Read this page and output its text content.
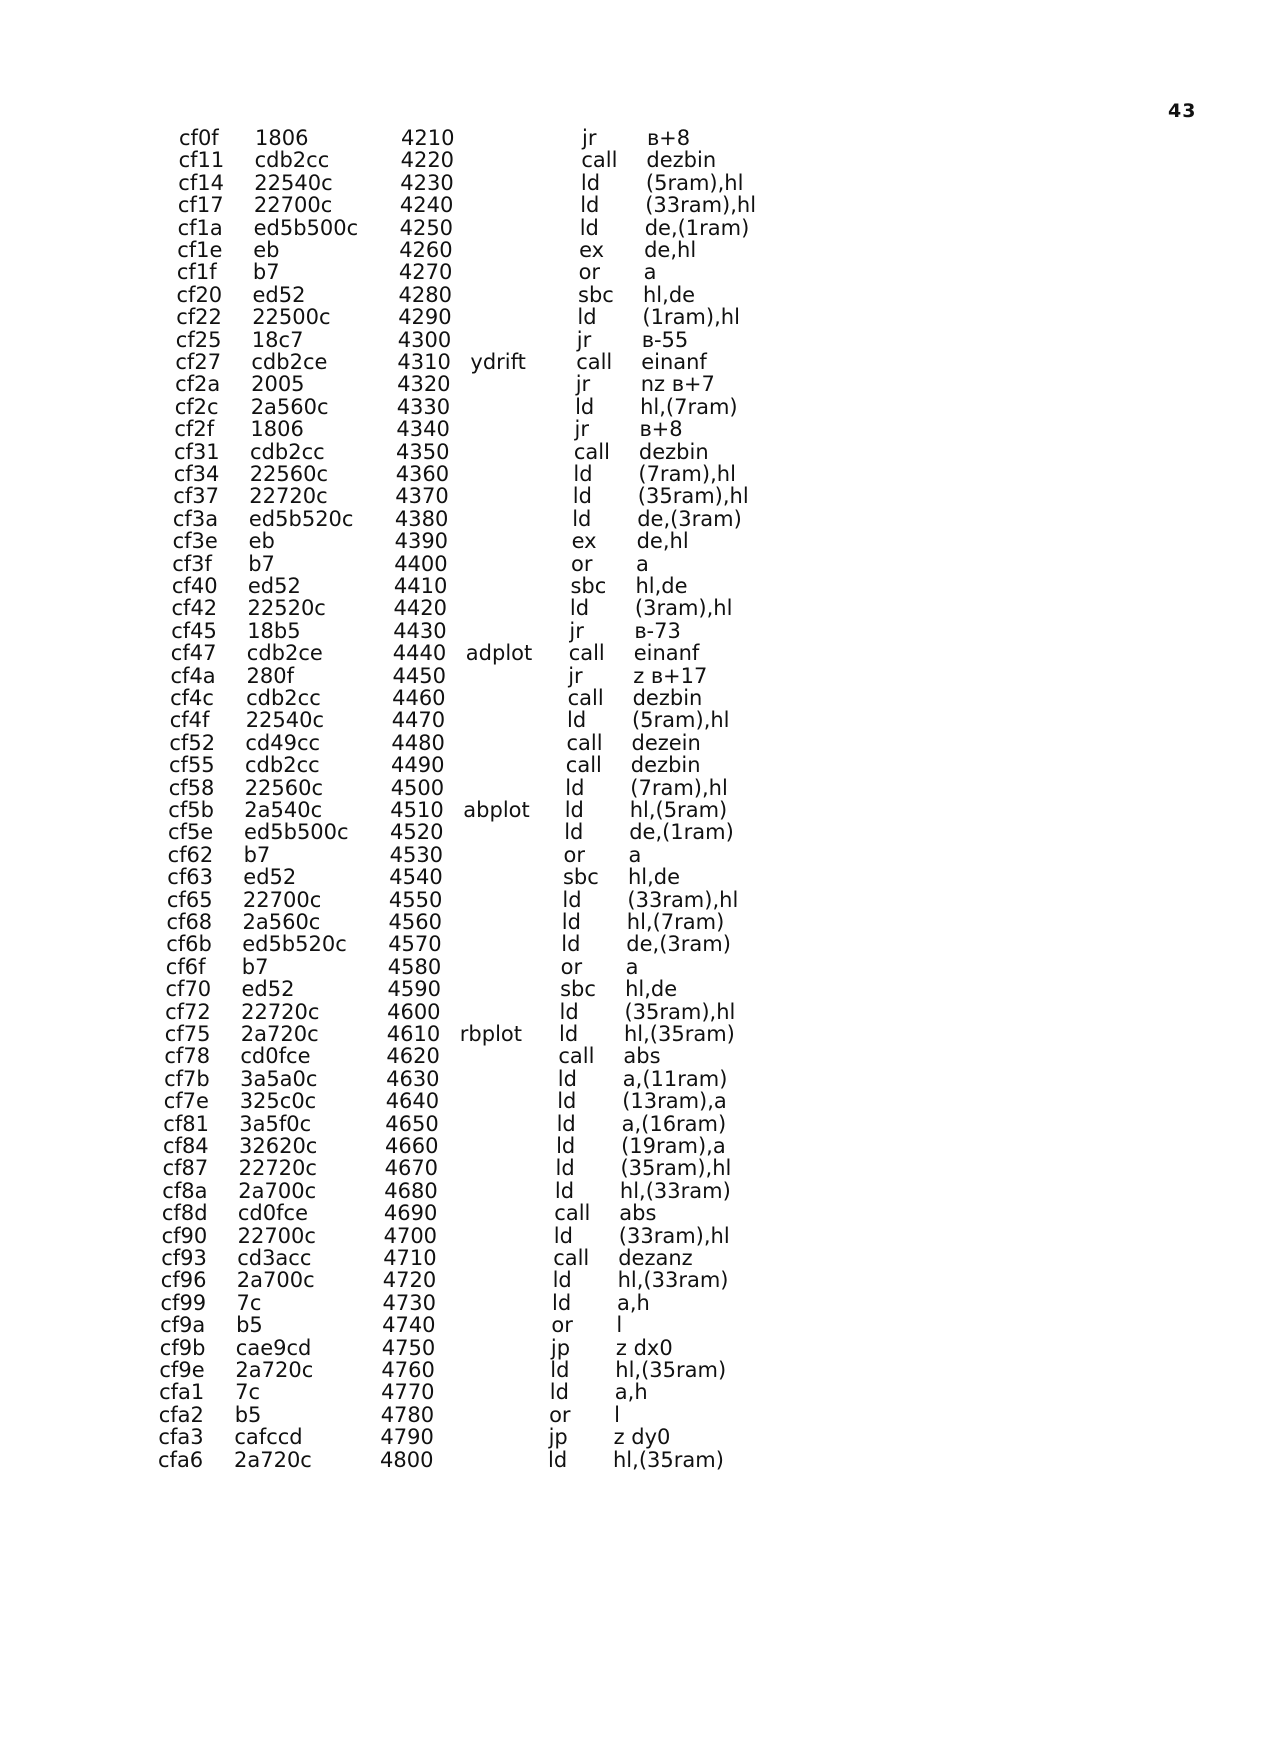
43
cf0f 1806	4210	jr ʙ+8
cf11 cdb2cc	4220	call dezbin
cf14 22540c	4230	ld (5ram),hl
cf17 22700c	4240	ld (33ram),hl
cf1a ed5b500c 4250	ld de,(1ram)
cf1e eb	4260	ex de,hl
cf1f b7	4270	or a
cf20 ed52	4280	sbc hl,de
cf22 22500c	4290	ld (1ram),hl
cf25 18c7	4300	jr ʙ-55
cf27 cdb2ce	4310 ydrift call einanf
cf2a 2005	4320	jr nz ʙ+7
cf2c 2a560c	4330	ld hl,(7ram)
cf2f 1806	4340	jr ʙ+8
cf31 cdb2cc	4350	call dezbin
cf34 22560c	4360	ld (7ram),hl
cf37 22720c	4370	ld (35ram),hl
cf3a ed5b520c 4380	ld de,(3ram)
cf3e eb	4390	ex de,hl
cf3f b7	4400	or a
cf40 ed52	4410	sbc hl,de
cf42 22520c	4420	ld (3ram),hl
cf45 18b5	4430	jr ʙ-73
cf47 cdb2ce	4440 adplot call einanf
cf4a 280f	4450	jr z ʙ+17
cf4c cdb2cc	4460	call dezbin
cf4f 22540c	4470	ld (5ram),hl
cf52 cd49cc	4480	call dezein
cf55 cdb2cc	4490	call dezbin
cf58 22560c	4500	ld (7ram),hl
cf5b 2a540c	4510 abplot ld hl,(5ram)
cf5e ed5b500c 4520	ld de,(1ram)
cf62 b7	4530	or a
cf63 ed52	4540	sbc hl,de
cf65 22700c	4550	ld (33ram),hl
cf68 2a560c	4560	ld hl,(7ram)
cf6b ed5b520c 4570	ld de,(3ram)
cf6f b7	4580	or a
cf70 ed52	4590	sbc hl,de
cf72 22720c	4600	ld (35ram),hl
cf75 2a720c	4610 rbplot ld hl,(35ram)
cf78 cd0fce	4620	call abs
cf7b 3a5a0c	4630	ld a,(11ram)
cf7e 325c0c	4640	ld (13ram),a
cf81 3a5f0c	4650	ld a,(16ram)
cf84 32620c	4660	ld (19ram),a
cf87 22720c	4670	ld (35ram),hl
cf8a 2a700c	4680	ld hl,(33ram)
cf8d cd0fce	4690	call abs
cf90 22700c	4700	ld (33ram),hl
cf93 cd3acc	4710	call dezanz
cf96 2a700c	4720	ld hl,(33ram)
cf99 7c	4730	ld a,h
cf9a b5	4740	or l
cf9b cae9cd	4750	jp z dx0
cf9e 2a720c	4760	ld hl,(35ram)
cfa1 7c	4770	ld a,h
cfa2 b5	4780	or l
cfa3 cafccd	4790	jp z dy0
cfa6 2a720c	4800	ld hl,(35ram)
